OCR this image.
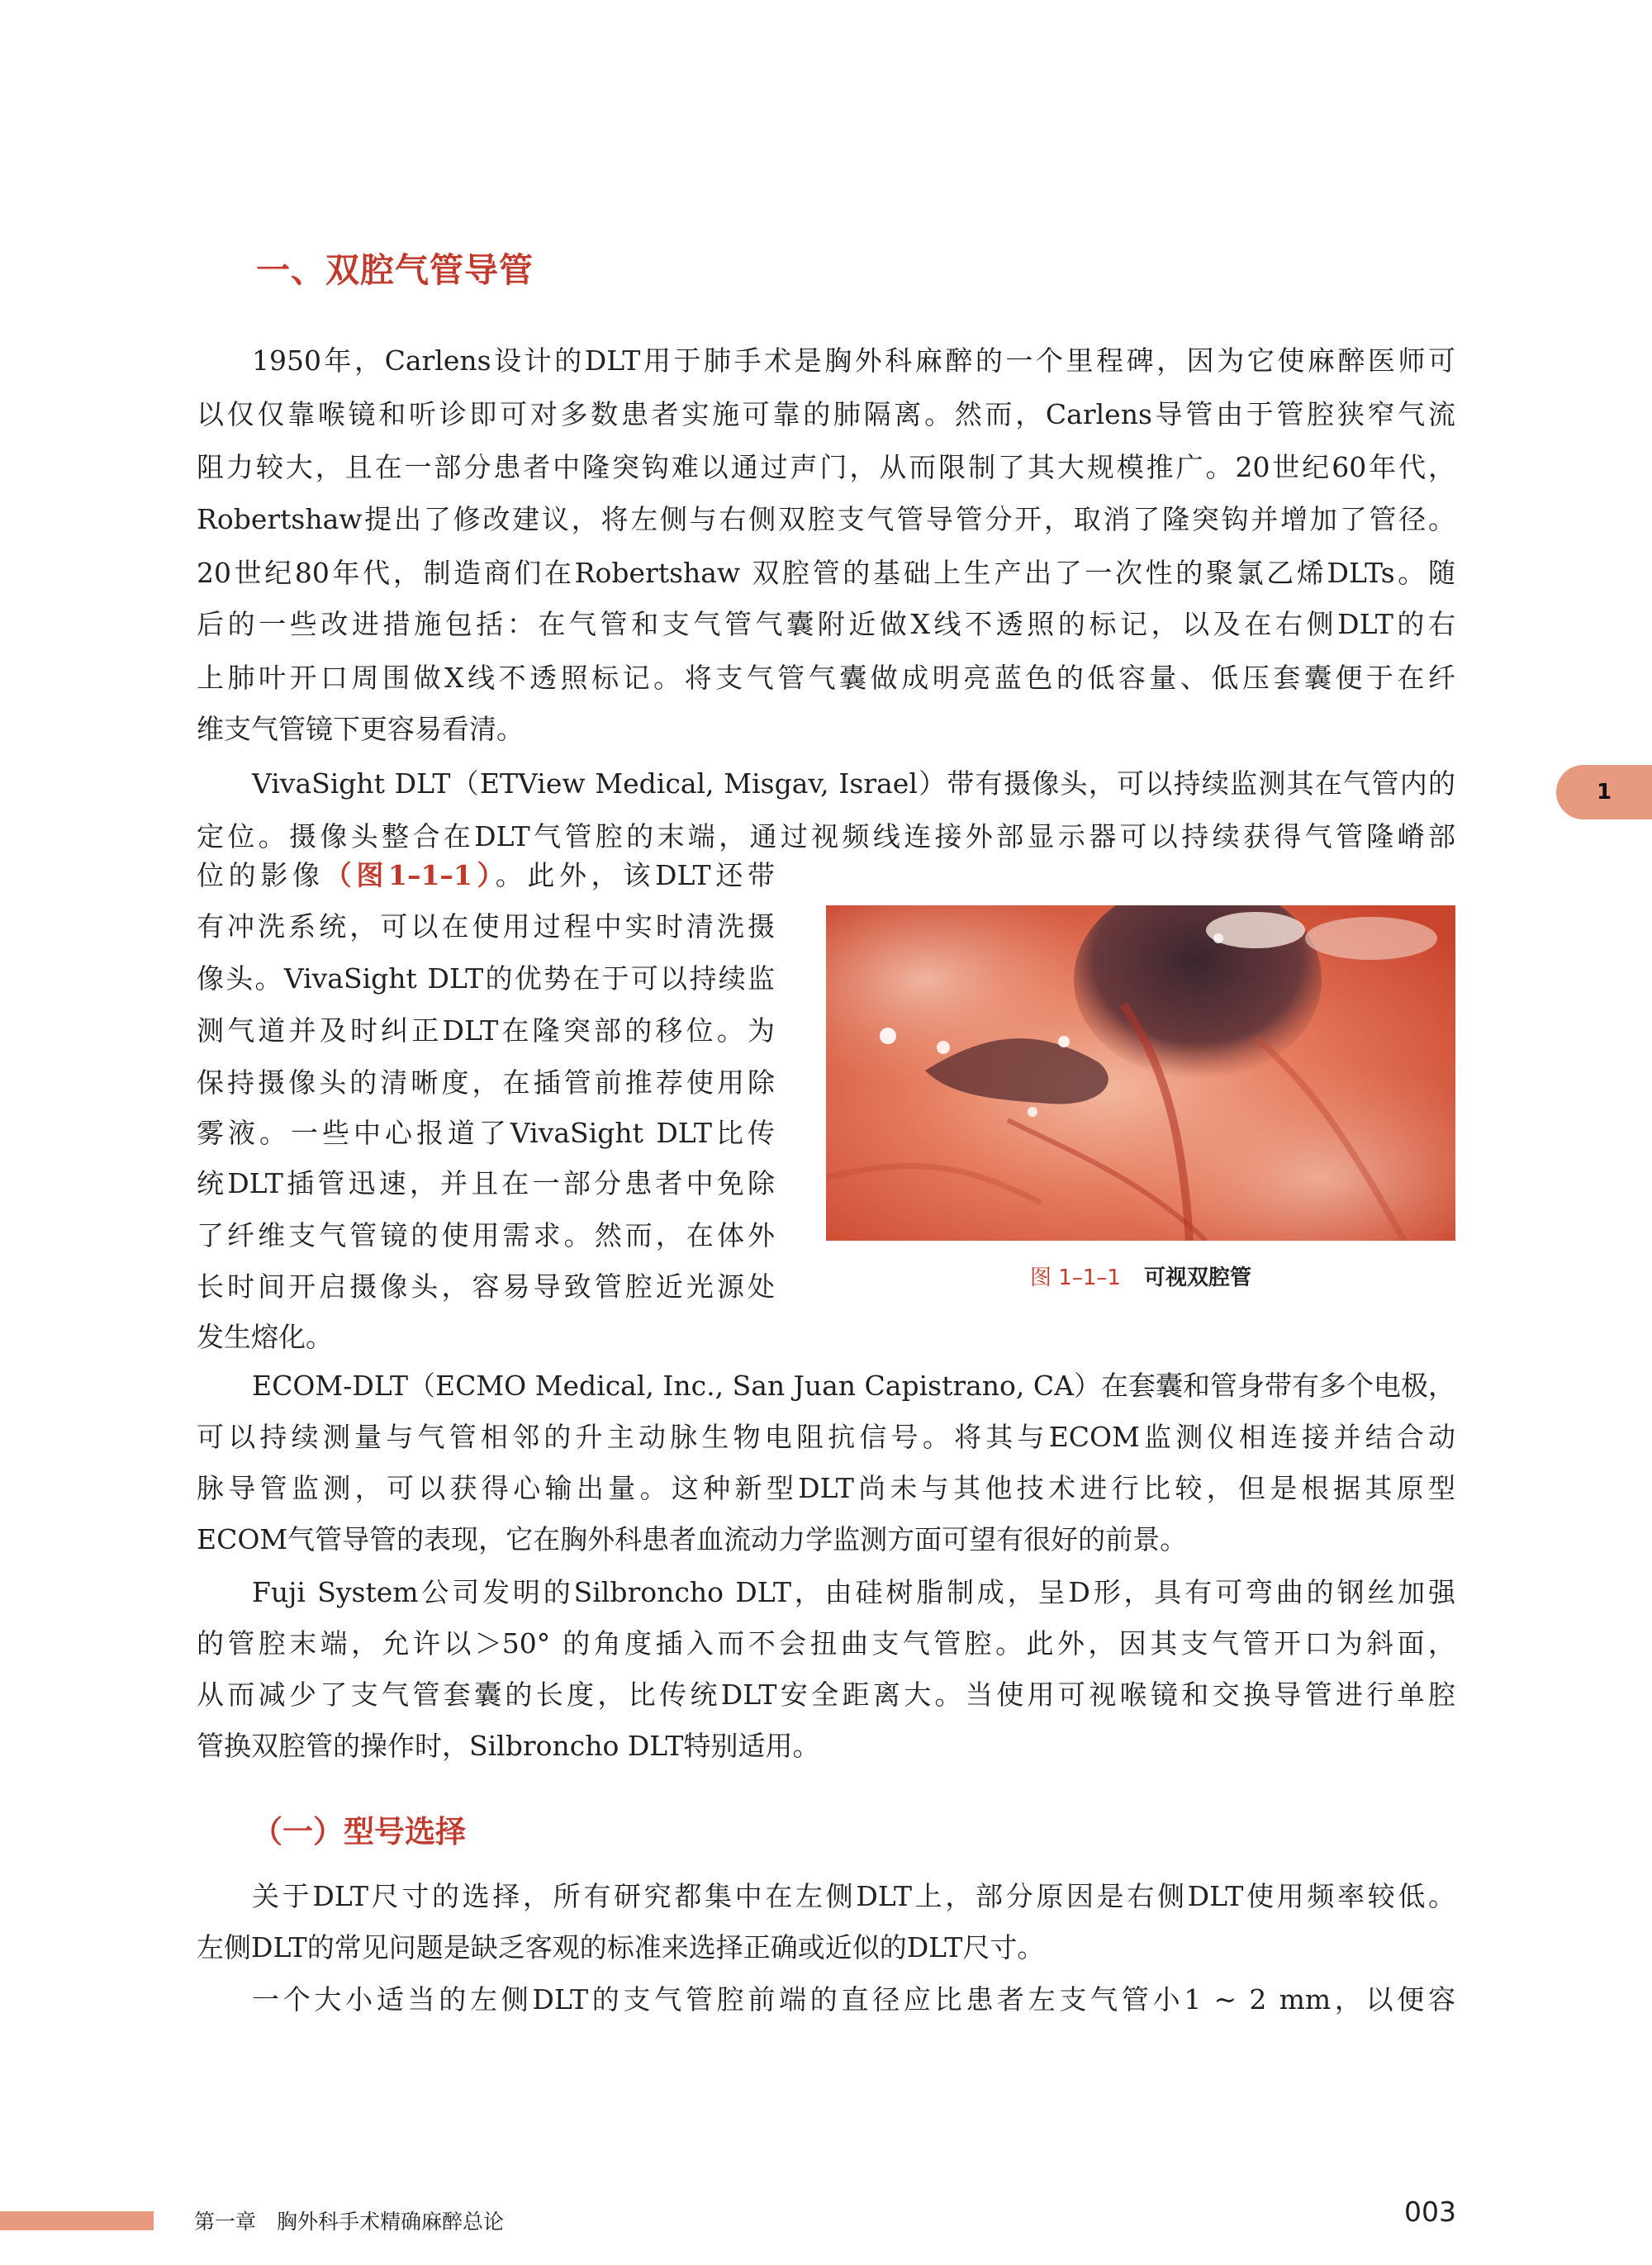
一、双腔气管导管
1950年，Carlens设计的DLT用于肺手术是胸外科麻醉的一个里程碑，因为它使麻醉医师可
以仅仅靠喉镜和听诊即可对多数患者实施可靠的肺隔离。然而，Carlens导管由于管腔狭窄气流
阻力较大，且在一部分患者中隆突钩难以通过声门，从而限制了其大规模推广。20世纪60年代，
Robertshaw提出了修改建议，将左侧与右侧双腔支气管导管分开，取消了隆突钩并增加了管径。
20世纪80年代，制造商们在Robertshaw 双腔管的基础上生产出了一次性的聚氯乙烯DLTs。随
后的一些改进措施包括：在气管和支气管气囊附近做X线不透照的标记，以及在右侧DLT的右
上肺叶开口周围做X线不透照标记。将支气管气囊做成明亮蓝色的低容量、低压套囊便于在纤
维支气管镜下更容易看清。
VivaSight DLT（ETView Medical, Misgav, Israel）带有摄像头，可以持续监测其在气管内的
定位。摄像头整合在DLT气管腔的末端，通过视频线连接外部显示器可以持续获得气管隆嵴部
位的影像（图1–1–1）。此外，该DLT还带
有冲洗系统，可以在使用过程中实时清洗摄
像头。VivaSight DLT的优势在于可以持续监
测气道并及时纠正DLT在隆突部的移位。为
保持摄像头的清晰度，在插管前推荐使用除
雾液。一些中心报道了VivaSight DLT比传
统DLT插管迅速，并且在一部分患者中免除
了纤维支气管镜的使用需求。然而，在体外
长时间开启摄像头，容易导致管腔近光源处
发生熔化。
图 1–1–1 可视双腔管
ECOM-DLT（ECMO Medical, Inc., San Juan Capistrano, CA）在套囊和管身带有多个电极，
可以持续测量与气管相邻的升主动脉生物电阻抗信号。将其与ECOM监测仪相连接并结合动
脉导管监测，可以获得心输出量。这种新型DLT尚未与其他技术进行比较，但是根据其原型
ECOM气管导管的表现，它在胸外科患者血流动力学监测方面可望有很好的前景。
Fuji System公司发明的Silbroncho DLT，由硅树脂制成，呈D形，具有可弯曲的钢丝加强
的管腔末端，允许以＞50° 的角度插入而不会扭曲支气管腔。此外，因其支气管开口为斜面，
从而减少了支气管套囊的长度，比传统DLT安全距离大。当使用可视喉镜和交换导管进行单腔
管换双腔管的操作时，Silbroncho DLT特别适用。
（一）型号选择
关于DLT尺寸的选择，所有研究都集中在左侧DLT上，部分原因是右侧DLT使用频率较低。
左侧DLT的常见问题是缺乏客观的标准来选择正确或近似的DLT尺寸。
一个大小适当的左侧DLT的支气管腔前端的直径应比患者左支气管小1 ~ 2 mm，以便容
1
第一章　胸外科手术精确麻醉总论	003
